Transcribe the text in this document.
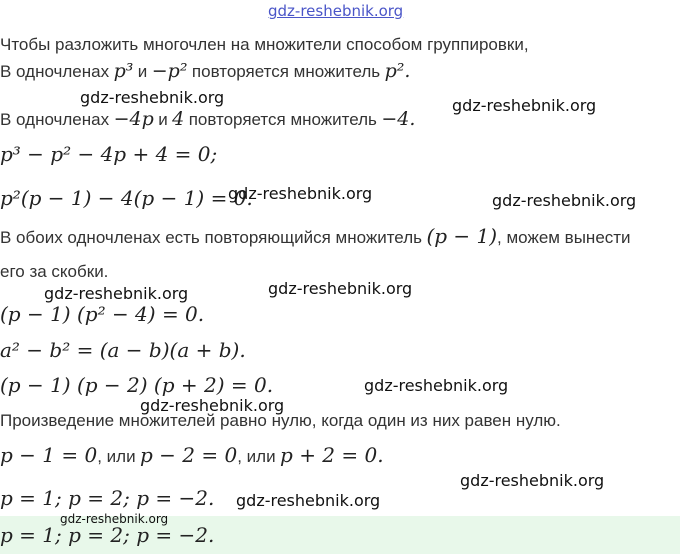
gdz-reshebnik.org
Чтобы разложить многочлен на множители способом группировки,
В одночленах p³ и −p² повторяется множитель p².
gdz-reshebnik.org	gdz-reshebnik.org
В одночленах −4p и 4 повторяется множитель −4.
p³ − p² − 4p + 4 = 0;
p²(p − 1) − 4(p − 1) = 0.
gdz-reshebnik.org	gdz-reshebnik.org
В обоих одночленах есть повторяющийся множитель (p − 1), можем вынести
его за скобки.
gdz-reshebnik.org	gdz-reshebnik.org
(p − 1) (p² − 4) = 0.
a² − b² = (a − b)(a + b).
(p − 1) (p − 2) (p + 2) = 0.	gdz-reshebnik.org
gdz-reshebnik.org
Произведение множителей равно нулю, когда один из них равен нулю.
p − 1 = 0, или p − 2 = 0, или p + 2 = 0.
gdz-reshebnik.org
p = 1; p = 2; p = −2. gdz-reshebnik.org
p = 1; p = 2; p = −2.
gdz-reshebnik.org
